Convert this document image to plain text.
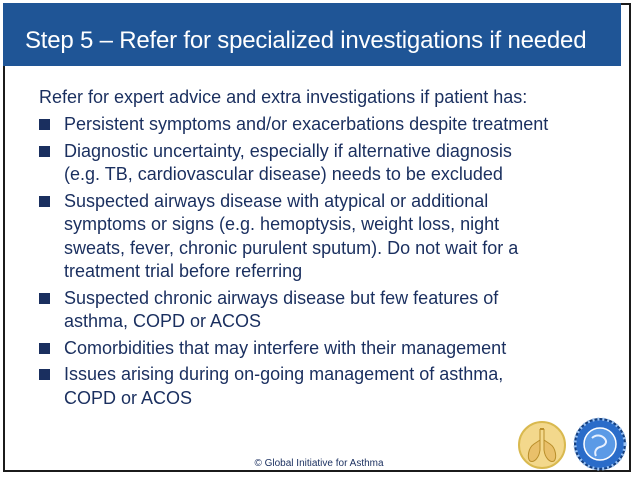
Step 5 – Refer for specialized investigations if needed
Refer for expert advice and extra investigations if patient has:
Persistent symptoms and/or exacerbations despite treatment
Diagnostic uncertainty, especially if alternative diagnosis
(e.g. TB, cardiovascular disease) needs to be excluded
Suspected airways disease with atypical or additional
symptoms or signs (e.g. hemoptysis, weight loss, night
sweats, fever, chronic purulent sputum). Do not wait for a
treatment trial before referring
Suspected chronic airways disease but few features of
asthma, COPD or ACOS
Comorbidities that may interfere with their management
Issues arising during on-going management of asthma,
COPD or ACOS
© Global Initiative for Asthma
